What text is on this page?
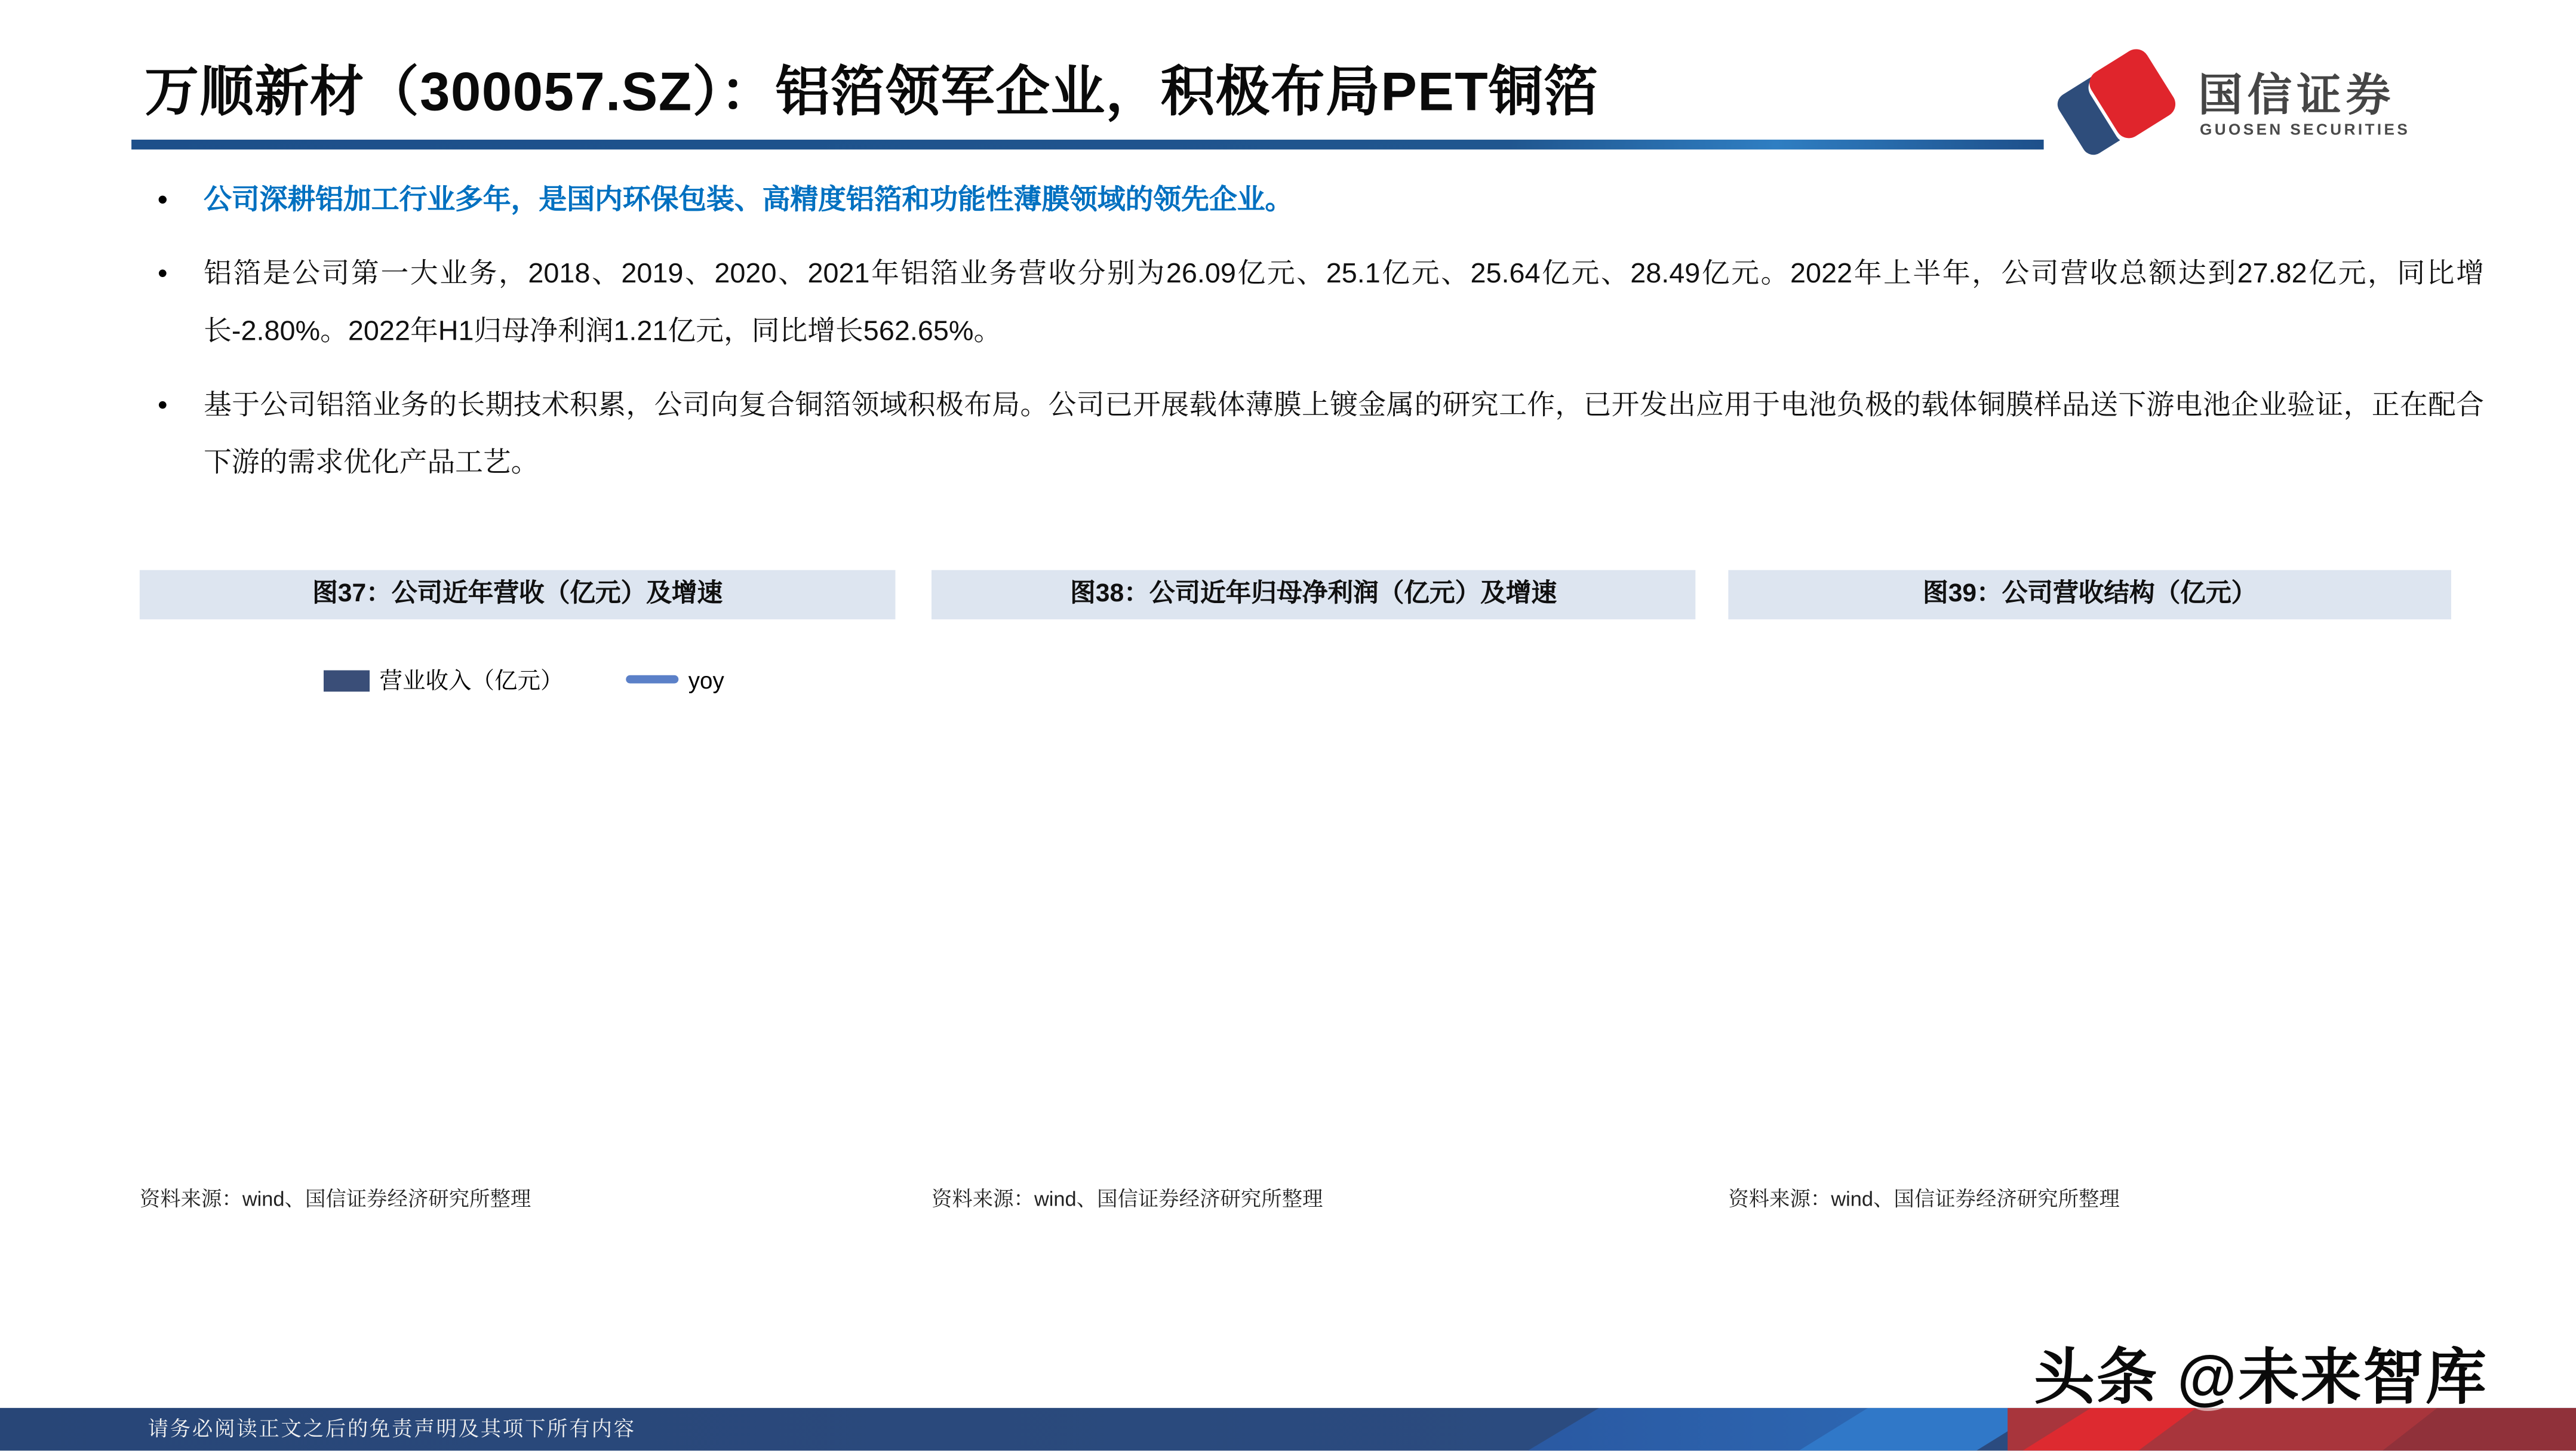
万顺新材（300057.SZ）：铝箔领军企业，积极布局PET铜箔	国信证券
GUOSEN SECURITIES
•	公司深耕铝加工行业多年，是国内环保包装、高精度铝箔和功能性薄膜领域的领先企业。
•	铝箔是公司第一大业务，2018、2019、2020、2021年铝箔业务营收分别为26.09亿元、25.1亿元、25.64亿元、28.49亿元。2022年上半年，公司营收总额达到27.82亿元，同比增长-2.80%。2022年H1归母净利润1.21亿元，同比增长562.65%。
•	基于公司铝箔业务的长期技术积累，公司向复合铜箔领域积极布局。公司已开展载体薄膜上镀金属的研究工作，已开发出应用于电池负极的载体铜膜样品送下游电池企业验证，正在配合下游的需求优化产品工艺。
图37：公司近年营收（亿元）及增速
营业收入（亿元）	yoy
资料来源：wind、国信证券经济研究所整理
图38：公司近年归母净利润（亿元）及增速
资料来源：wind、国信证券经济研究所整理
图39：公司营收结构（亿元）
资料来源：wind、国信证券经济研究所整理
头条 @未来智库
请务必阅读正文之后的免责声明及其项下所有内容
